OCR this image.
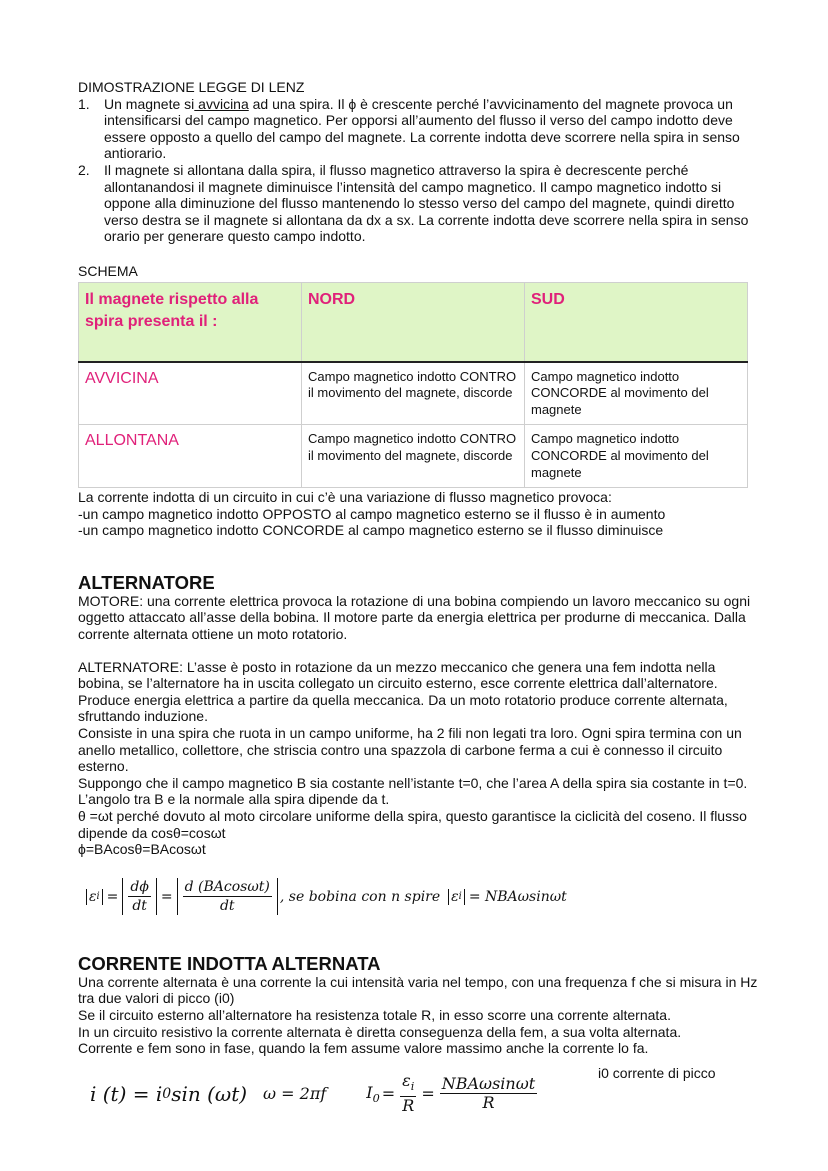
DIMOSTRAZIONE LEGGE DI LENZ
1. Un magnete si avvicina ad una spira. Il ϕ è crescente perché l’avvicinamento del magnete provoca un intensificarsi del campo magnetico. Per opporsi all’aumento del flusso il verso del campo indotto deve essere opposto a quello del campo del magnete. La corrente indotta deve scorrere nella spira in senso antiorario.
2. Il magnete si allontana dalla spira, il flusso magnetico attraverso la spira è decrescente perché allontanandosi il magnete diminuisce l’intensità del campo magnetico. Il campo magnetico indotto si oppone alla diminuzione del flusso mantenendo lo stesso verso del campo del magnete, quindi diretto verso destra se il magnete si allontana da dx a sx. La corrente indotta deve scorrere nella spira in senso orario per generare questo campo indotto.
SCHEMA
Il magnete rispetto alla spira presenta il :	NORD	SUD
AVVICINA	Campo magnetico indotto CONTRO il movimento del magnete, discorde	Campo magnetico indotto CONCORDE al movimento del magnete
ALLONTANA	Campo magnetico indotto CONTRO il movimento del magnete, discorde	Campo magnetico indotto CONCORDE al movimento del magnete
La corrente indotta di un circuito in cui c’è una variazione di flusso magnetico provoca:
-un campo magnetico indotto OPPOSTO al campo magnetico esterno se il flusso è in aumento
-un campo magnetico indotto CONCORDE al campo magnetico esterno se il flusso diminuisce
ALTERNATORE
MOTORE: una corrente elettrica provoca la rotazione di una bobina compiendo un lavoro meccanico su ogni oggetto attaccato all’asse della bobina. Il motore parte da energia elettrica per produrne di meccanica. Dalla corrente alternata ottiene un moto rotatorio.
ALTERNATORE: L’asse è posto in rotazione da un mezzo meccanico che genera una fem indotta nella bobina, se l’alternatore ha in uscita collegato un circuito esterno, esce corrente elettrica dall’alternatore. Produce energia elettrica a partire da quella meccanica. Da un moto rotatorio produce corrente alternata, sfruttando induzione.
Consiste in una spira che ruota in un campo uniforme, ha 2 fili non legati tra loro. Ogni spira termina con un anello metallico, collettore, che striscia contro una spazzola di carbone ferma a cui è connesso il circuito esterno.
Suppongo che il campo magnetico B sia costante nell’istante t=0, che l’area A della spira sia costante in t=0. L’angolo tra B e la normale alla spira dipende da t.
θ =ωt perché dovuto al moto circolare uniforme della spira, questo garantisce la ciclicità del coseno. Il flusso dipende da cosθ=cosωt
ϕ=BAcosθ=BAcosωt
ε $i = \frac{d\phi}{dt} = \frac{d (BAcos\omega t)}{dt}$ , se bobina con n spire ε i = NBAωsinωt
CORRENTE INDOTTA ALTERNATA
Una corrente alternata è una corrente la cui intensità varia nel tempo, con una frequenza f che si misura in Hz tra due valori di picco (i0)
Se il circuito esterno all’alternatore ha resistenza totale R, in esso scorre una corrente alternata.
In un circuito resistivo la corrente alternata è diretta conseguenza della fem, a sua volta alternata.
Corrente e fem sono in fase, quando la fem assume valore massimo anche la corrente lo fa.
i (t) = i 0 sin (ωt) ω = 2πf	$I_0 = \frac{\varepsilon_i}{R} = \frac{\text{NBAωsinωt}}{R}$
i0 corrente di picco
